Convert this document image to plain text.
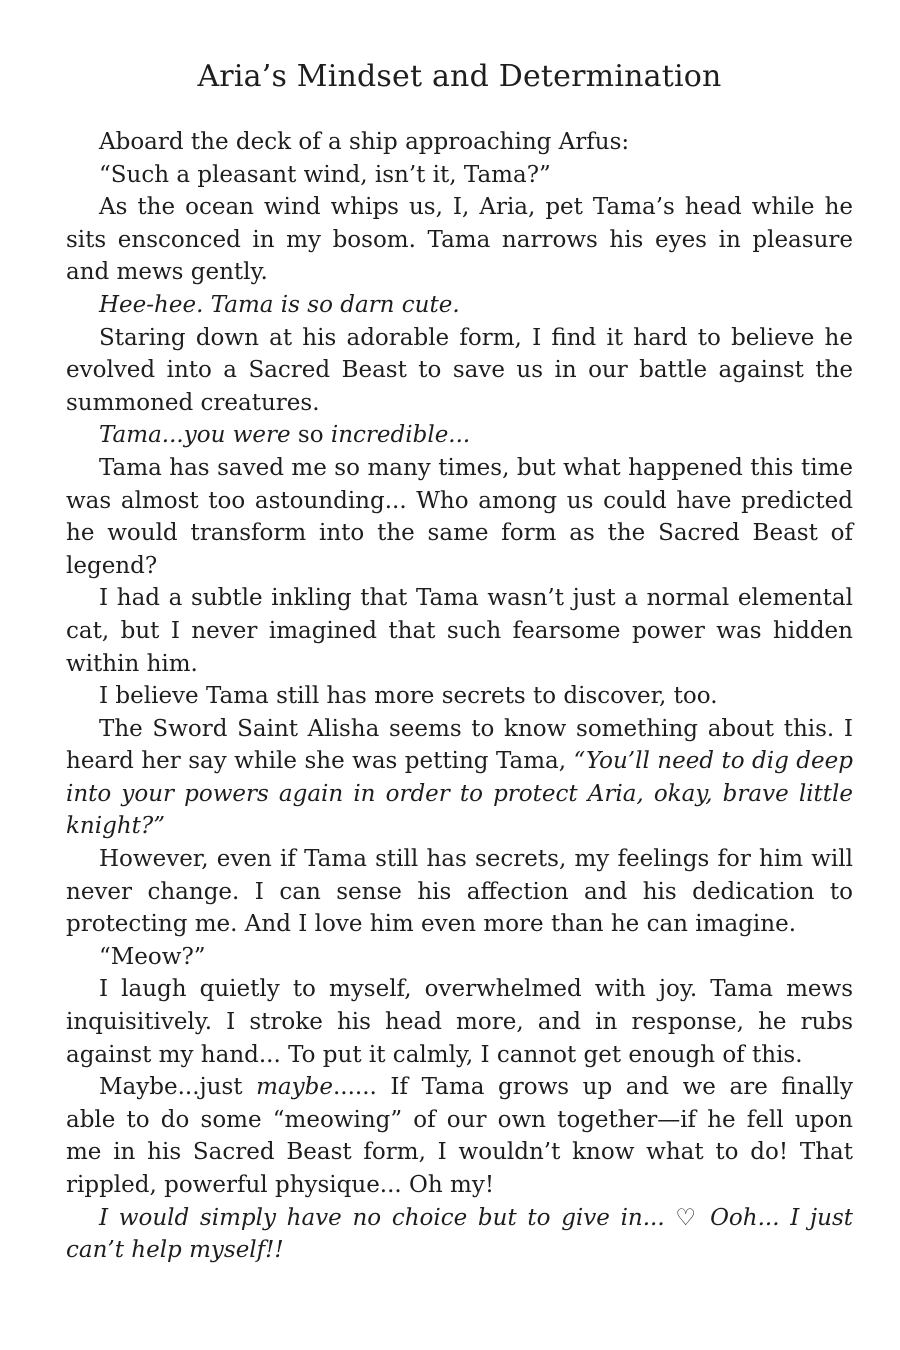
Aria’s Mindset and Determination

Aboard the deck of a ship approaching Arfus:

“Such a pleasant wind, isn’t it, Tama?”

As the ocean wind whips us, I, Aria, pet Tama’s head while he sits ensconced in my bosom. Tama narrows his eyes in pleasure and mews gently.

Hee-hee. Tama is so darn cute.

Staring down at his adorable form, I find it hard to believe he evolved into a Sacred Beast to save us in our battle against the summoned creatures.

Tama...you were so incredible...

Tama has saved me so many times, but what happened this time was almost too astounding... Who among us could have predicted he would transform into the same form as the Sacred Beast of legend?

I had a subtle inkling that Tama wasn’t just a normal elemental cat, but I never imagined that such fearsome power was hidden within him.

I believe Tama still has more secrets to discover, too.

The Sword Saint Alisha seems to know something about this. I heard her say while she was petting Tama, “You’ll need to dig deep into your powers again in order to protect Aria, okay, brave little knight?”

However, even if Tama still has secrets, my feelings for him will never change. I can sense his affection and his dedication to protecting me. And I love him even more than he can imagine.

“Meow?”

I laugh quietly to myself, overwhelmed with joy. Tama mews inquisitively. I stroke his head more, and in response, he rubs against my hand... To put it calmly, I cannot get enough of this.

Maybe...just maybe...... If Tama grows up and we are finally able to do some “meowing” of our own together—if he fell upon me in his Sacred Beast form, I wouldn’t know what to do! That rippled, powerful physique... Oh my!

I would simply have no choice but to give in... ♡ Ooh... I just can’t help myself!!
